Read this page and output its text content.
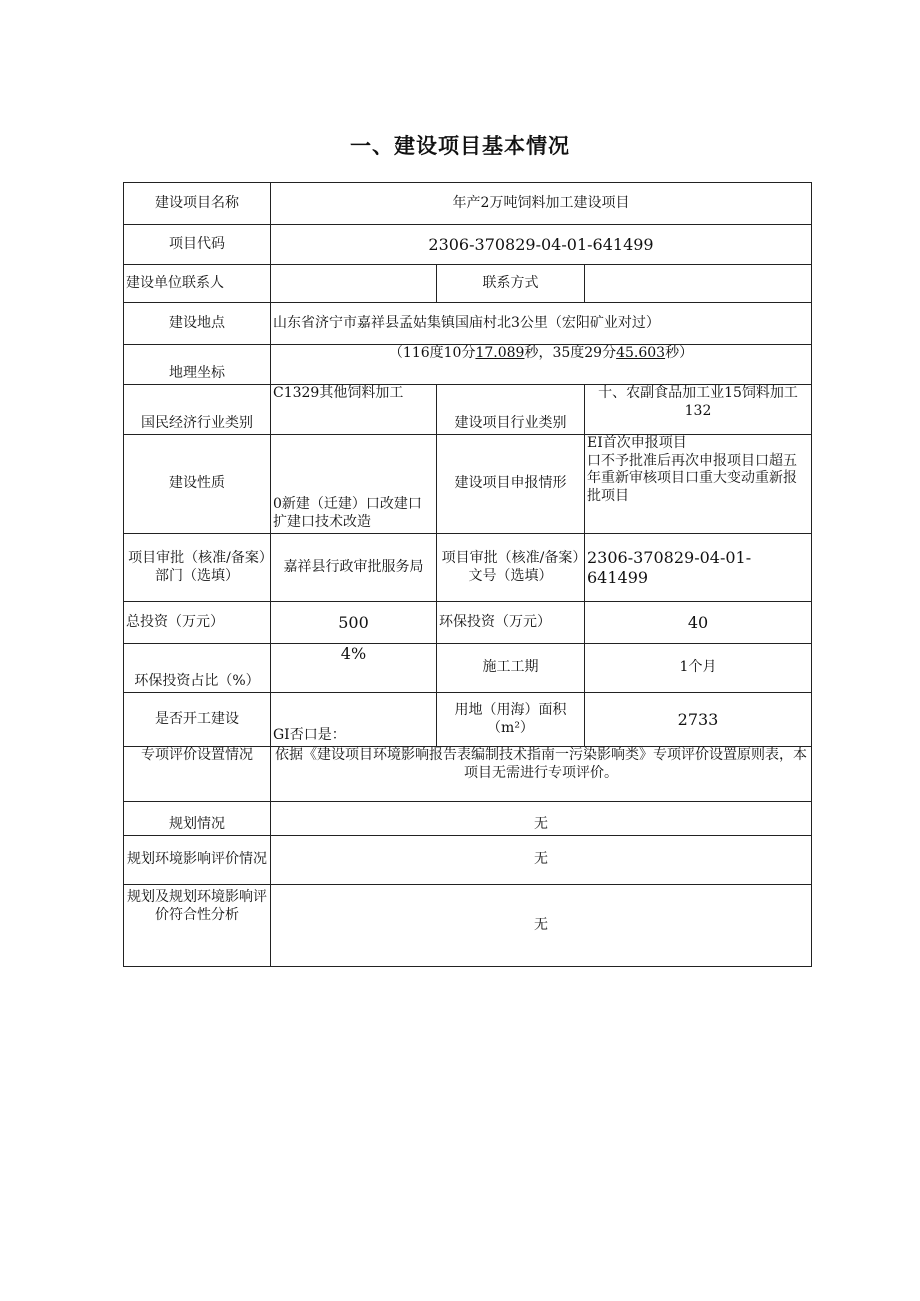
一、建设项目基本情况
建设项目名称	年产2万吨饲料加工建设项目		
项目代码	2306-370829-04-01-641499		
建设单位联系人		联系方式	
建设地点	山东省济宁市嘉祥县孟姑集镇国庙村北3公里（宏阳矿业对过）		
地理坐标	（116度10分17.089秒，35度29分45.603秒）		
国民经济行业类别	C1329其他饲料加工	建设项目行业类别	十、农副食品加工业15饲料加工
132

建设性质	0新建（迁建）口改建口扩建口技术改造	建设项目申报情形	EI首次申报项目
口不予批准后再次申报项目口超五年重新审核项目口重大变动重新报批项目

项目审批（核准/备案）部门（选填）	嘉祥县行政审批服务局	项目审批（核准/备案）文号（选填）	2306-370829-04-01-641499
总投资（万元）	500	环保投资（万元）	40
环保投资占比（%）	4%	施工工期	1个月
是否开工建设	GI否口是：	用地（用海）面积（m²）	2733
专项评价设置情况	依据《建设项目环境影响报告表编制技术指南一污染影响类》专项评价设置原则表，本项目无需进行专项评价。		
规划情况	无		
规划环境影响评价情况	无		
规划及规划环境影响评价符合性分析	无		
